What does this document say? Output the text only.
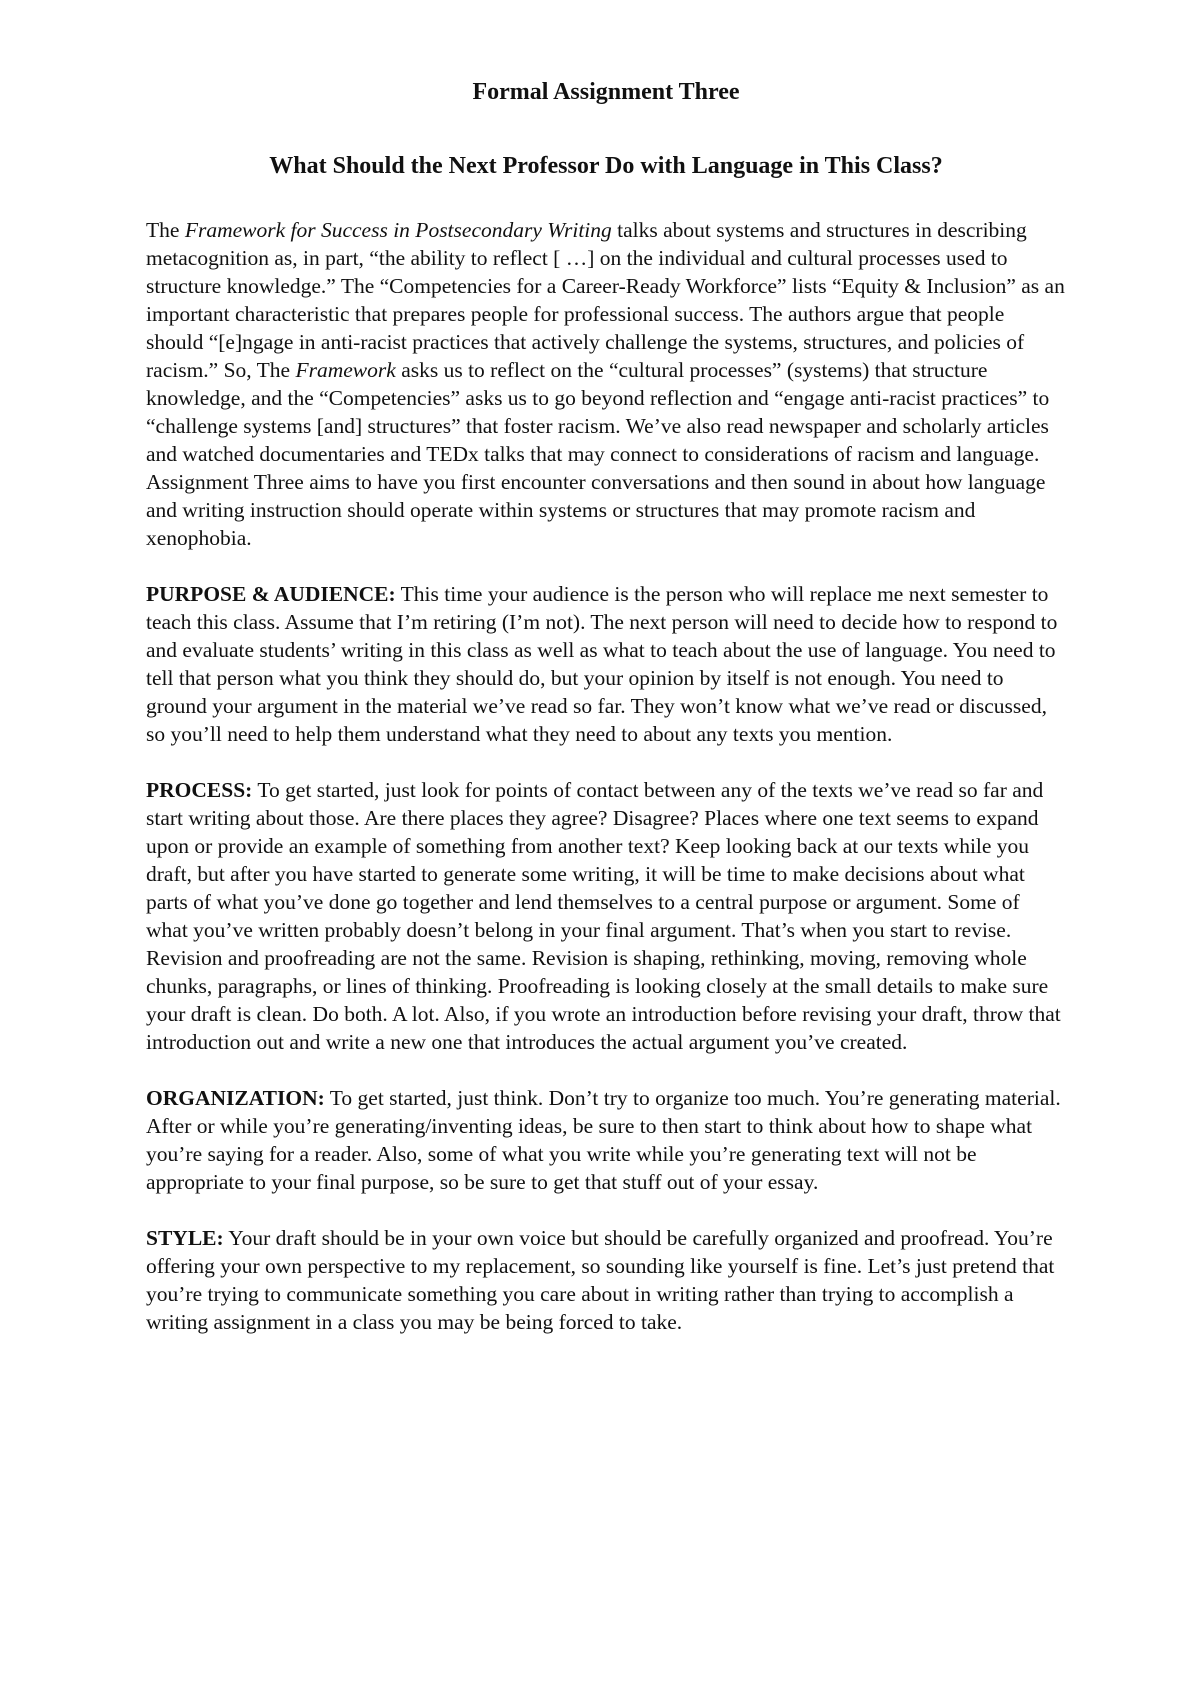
Formal Assignment Three
What Should the Next Professor Do with Language in This Class?

The Framework for Success in Postsecondary Writing talks about systems and structures in describing metacognition as, in part, “the ability to reflect [ …] on the individual and cultural processes used to structure knowledge.” The “Competencies for a Career-Ready Workforce” lists “Equity & Inclusion” as an important characteristic that prepares people for professional success. The authors argue that people should “[e]ngage in anti-racist practices that actively challenge the systems, structures, and policies of racism.” So, The Framework asks us to reflect on the “cultural processes” (systems) that structure knowledge, and the “Competencies” asks us to go beyond reflection and “engage anti-racist practices” to “challenge systems [and] structures” that foster racism. We’ve also read newspaper and scholarly articles and watched documentaries and TEDx talks that may connect to considerations of racism and language. Assignment Three aims to have you first encounter conversations and then sound in about how language and writing instruction should operate within systems or structures that may promote racism and xenophobia.

PURPOSE & AUDIENCE: This time your audience is the person who will replace me next semester to teach this class. Assume that I’m retiring (I’m not). The next person will need to decide how to respond to and evaluate students’ writing in this class as well as what to teach about the use of language. You need to tell that person what you think they should do, but your opinion by itself is not enough. You need to ground your argument in the material we’ve read so far. They won’t know what we’ve read or discussed, so you’ll need to help them understand what they need to about any texts you mention.

PROCESS: To get started, just look for points of contact between any of the texts we’ve read so far and start writing about those. Are there places they agree? Disagree? Places where one text seems to expand upon or provide an example of something from another text? Keep looking back at our texts while you draft, but after you have started to generate some writing, it will be time to make decisions about what parts of what you’ve done go together and lend themselves to a central purpose or argument. Some of what you’ve written probably doesn’t belong in your final argument. That’s when you start to revise. Revision and proofreading are not the same. Revision is shaping, rethinking, moving, removing whole chunks, paragraphs, or lines of thinking. Proofreading is looking closely at the small details to make sure your draft is clean. Do both. A lot. Also, if you wrote an introduction before revising your draft, throw that introduction out and write a new one that introduces the actual argument you’ve created.

ORGANIZATION: To get started, just think. Don’t try to organize too much. You’re generating material. After or while you’re generating/inventing ideas, be sure to then start to think about how to shape what you’re saying for a reader. Also, some of what you write while you’re generating text will not be appropriate to your final purpose, so be sure to get that stuff out of your essay.

STYLE: Your draft should be in your own voice but should be carefully organized and proofread. You’re offering your own perspective to my replacement, so sounding like yourself is fine. Let’s just pretend that you’re trying to communicate something you care about in writing rather than trying to accomplish a writing assignment in a class you may be being forced to take.
